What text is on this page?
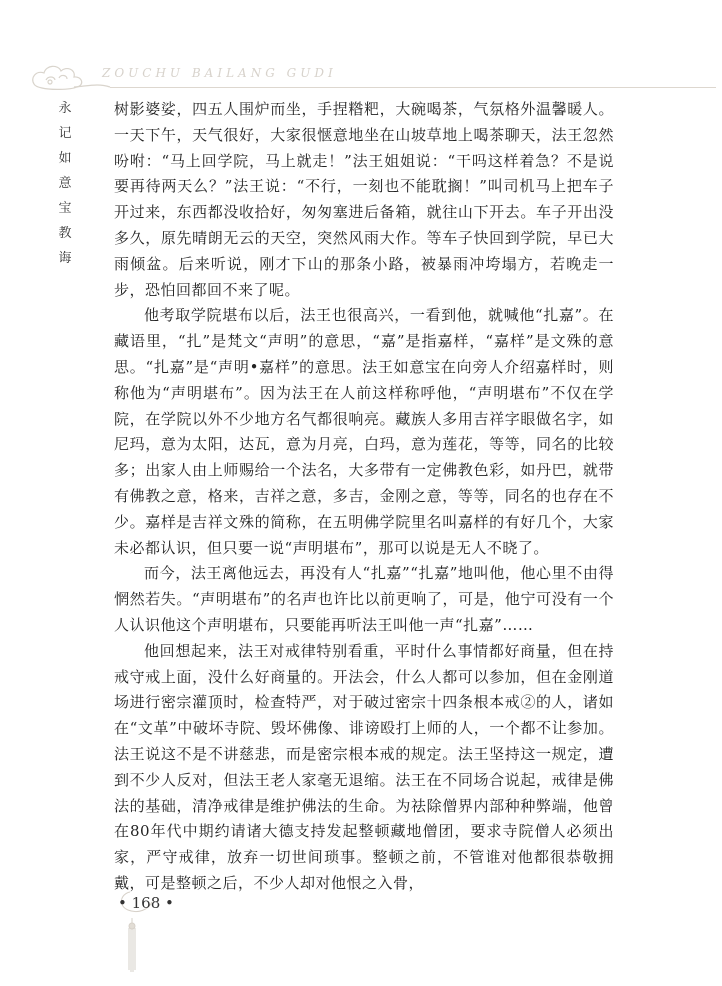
ZOUCHU BAILANG GUDI
永
记
如
意
宝
教
诲

树影婆娑，四五人围炉而坐，手捏糌粑，大碗喝茶，气氛格外温馨暖人。一天下午，天气很好，大家很惬意地坐在山坡草地上喝茶聊天，法王忽然吩咐：“马上回学院，马上就走！”法王姐姐说：“干吗这样着急？不是说要再待两天么？”法王说：“不行，一刻也不能耽搁！”叫司机马上把车子开过来，东西都没收拾好，匆匆塞进后备箱，就往山下开去。车子开出没多久，原先晴朗无云的天空，突然风雨大作。等车子快回到学院，早已大雨倾盆。后来听说，刚才下山的那条小路，被暴雨冲垮塌方，若晚走一步，恐怕回都回不来了呢。

他考取学院堪布以后，法王也很高兴，一看到他，就喊他“扎嘉”。在藏语里，“扎”是梵文“声明”的意思，“嘉”是指嘉样，“嘉样”是文殊的意思。“扎嘉”是“声明•嘉样”的意思。法王如意宝在向旁人介绍嘉样时，则称他为“声明堪布”。因为法王在人前这样称呼他，“声明堪布”不仅在学院，在学院以外不少地方名气都很响亮。藏族人多用吉祥字眼做名字，如尼玛，意为太阳，达瓦，意为月亮，白玛，意为莲花，等等，同名的比较多；出家人由上师赐给一个法名，大多带有一定佛教色彩，如丹巴，就带有佛教之意，格来，吉祥之意，多吉，金刚之意，等等，同名的也存在不少。嘉样是吉祥文殊的简称，在五明佛学院里名叫嘉样的有好几个，大家未必都认识，但只要一说“声明堪布”，那可以说是无人不晓了。

而今，法王离他远去，再没有人“扎嘉”“扎嘉”地叫他，他心里不由得惘然若失。“声明堪布”的名声也许比以前更响了，可是，他宁可没有一个人认识他这个声明堪布，只要能再听法王叫他一声“扎嘉”……

他回想起来，法王对戒律特别看重，平时什么事情都好商量，但在持戒守戒上面，没什么好商量的。开法会，什么人都可以参加，但在金刚道场进行密宗灌顶时，检查特严，对于破过密宗十四条根本戒②的人，诸如在“文革”中破坏寺院、毁坏佛像、诽谤殴打上师的人，一个都不让参加。法王说这不是不讲慈悲，而是密宗根本戒的规定。法王坚持这一规定，遭到不少人反对，但法王老人家毫无退缩。法王在不同场合说起，戒律是佛法的基础，清净戒律是维护佛法的生命。为祛除僧界内部种种弊端，他曾在80年代中期约请诸大德支持发起整顿藏地僧团，要求寺院僧人必须出家，严守戒律，放弃一切世间琐事。整顿之前，不管谁对他都很恭敬拥戴，可是整顿之后，不少人却对他恨之入骨，

• 168 •
